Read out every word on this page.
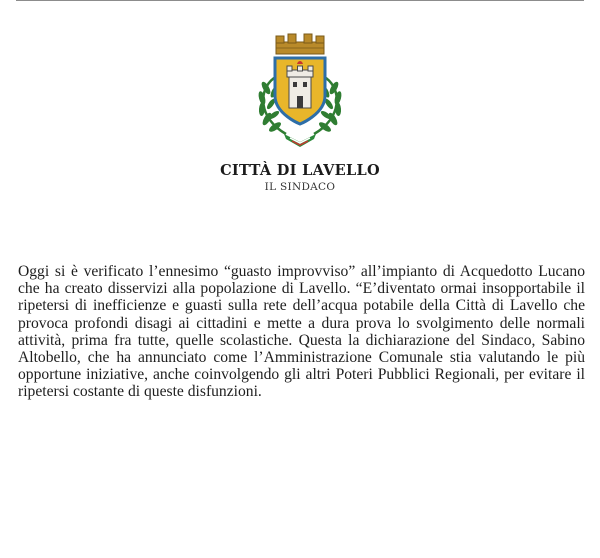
CITTÀ DI LAVELLO
IL SINDACO

Oggi si è verificato l’ennesimo “guasto improvviso” all’impianto di Acquedotto Lucano che ha creato disservizi alla popolazione di Lavello. “E’diventato ormai insopportabile il ripetersi di inefficienze e guasti sulla rete dell’acqua potabile della Città di Lavello che provoca profondi disagi ai cittadini e mette a dura prova lo svolgimento delle normali attività, prima fra tutte, quelle scolastiche. Questa la dichiarazione del Sindaco, Sabino Altobello, che ha annunciato come l’Amministrazione Comunale stia valutando le più opportune iniziative, anche coinvolgendo gli altri Poteri Pubblici Regionali, per evitare il ripetersi costante di queste disfunzioni.
